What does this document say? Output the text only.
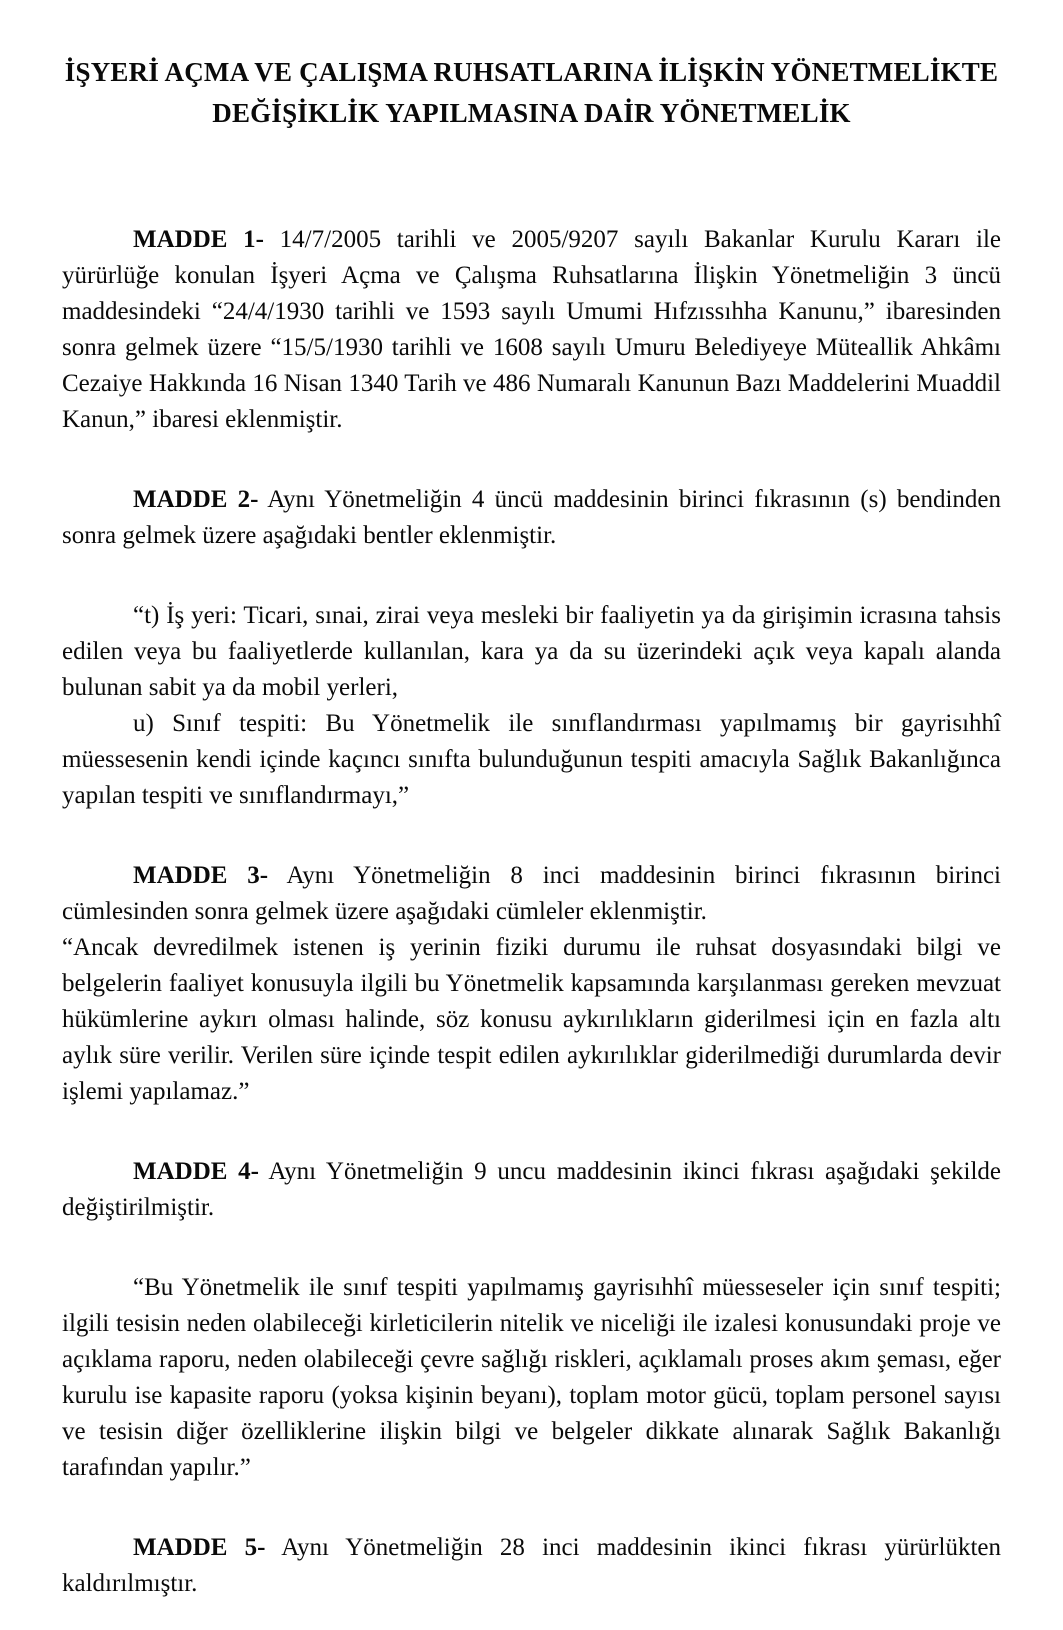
İŞYERİ AÇMA VE ÇALIŞMA RUHSATLARINA İLİŞKİN YÖNETMELİKTE
DEĞİŞİKLİK YAPILMASINA DAİR YÖNETMELİK

MADDE 1- 14/7/2005 tarihli ve 2005/9207 sayılı Bakanlar Kurulu Kararı ile yürürlüğe konulan İşyeri Açma ve Çalışma Ruhsatlarına İlişkin Yönetmeliğin 3 üncü maddesindeki “24/4/1930 tarihli ve 1593 sayılı Umumi Hıfzıssıhha Kanunu,” ibaresinden sonra gelmek üzere “15/5/1930 tarihli ve 1608 sayılı Umuru Belediyeye Müteallik Ahkâmı Cezaiye Hakkında 16 Nisan 1340 Tarih ve 486 Numaralı Kanunun Bazı Maddelerini Muaddil Kanun,” ibaresi eklenmiştir.

MADDE 2- Aynı Yönetmeliğin 4 üncü maddesinin birinci fıkrasının (s) bendinden sonra gelmek üzere aşağıdaki bentler eklenmiştir.

“t) İş yeri: Ticari, sınai, zirai veya mesleki bir faaliyetin ya da girişimin icrasına tahsis edilen veya bu faaliyetlerde kullanılan, kara ya da su üzerindeki açık veya kapalı alanda bulunan sabit ya da mobil yerleri,

u) Sınıf tespiti: Bu Yönetmelik ile sınıflandırması yapılmamış bir gayrisıhhî müessesenin kendi içinde kaçıncı sınıfta bulunduğunun tespiti amacıyla Sağlık Bakanlığınca yapılan tespiti ve sınıflandırmayı,”

MADDE 3- Aynı Yönetmeliğin 8 inci maddesinin birinci fıkrasının birinci cümlesinden sonra gelmek üzere aşağıdaki cümleler eklenmiştir.

“Ancak devredilmek istenen iş yerinin fiziki durumu ile ruhsat dosyasındaki bilgi ve belgelerin faaliyet konusuyla ilgili bu Yönetmelik kapsamında karşılanması gereken mevzuat hükümlerine aykırı olması halinde, söz konusu aykırılıkların giderilmesi için en fazla altı aylık süre verilir. Verilen süre içinde tespit edilen aykırılıklar giderilmediği durumlarda devir işlemi yapılamaz.”

MADDE 4- Aynı Yönetmeliğin 9 uncu maddesinin ikinci fıkrası aşağıdaki şekilde değiştirilmiştir.

“Bu Yönetmelik ile sınıf tespiti yapılmamış gayrisıhhî müesseseler için sınıf tespiti; ilgili tesisin neden olabileceği kirleticilerin nitelik ve niceliği ile izalesi konusundaki proje ve açıklama raporu, neden olabileceği çevre sağlığı riskleri, açıklamalı proses akım şeması, eğer kurulu ise kapasite raporu (yoksa kişinin beyanı), toplam motor gücü, toplam personel sayısı ve tesisin diğer özelliklerine ilişkin bilgi ve belgeler dikkate alınarak Sağlık Bakanlığı tarafından yapılır.”

MADDE 5- Aynı Yönetmeliğin 28 inci maddesinin ikinci fıkrası yürürlükten kaldırılmıştır.
